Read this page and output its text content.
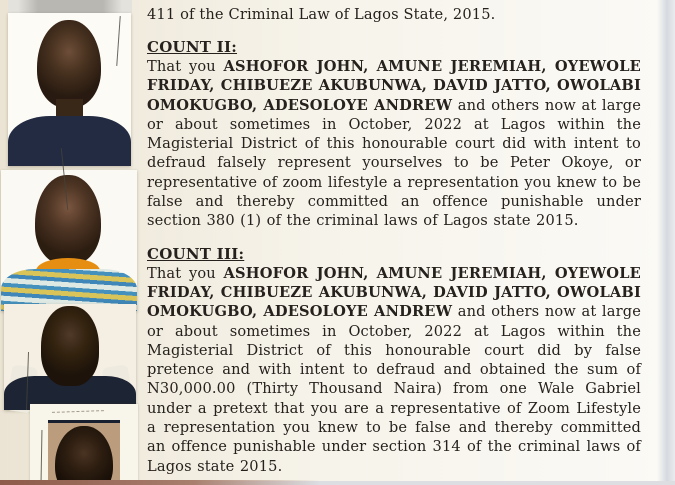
411 of the Criminal Law of Lagos State, 2015.

COUNT II:

That you ASHOFOR JOHN, AMUNE JEREMIAH, OYEWOLE FRIDAY, CHIBUEZE AKUBUNWA, DAVID JATTO, OWOLABI OMOKUGBO, ADESOLOYE ANDREW and others now at large or about sometimes in October, 2022 at Lagos within the Magisterial District of this honourable court did with intent to defraud falsely represent yourselves to be Peter Okoye, or representative of zoom lifestyle a representation you knew to be false and thereby committed an offence punishable under section 380 (1) of the criminal laws of Lagos state 2015.

COUNT III:

That you ASHOFOR JOHN, AMUNE JEREMIAH, OYEWOLE FRIDAY, CHIBUEZE AKUBUNWA, DAVID JATTO, OWOLABI OMOKUGBO, ADESOLOYE ANDREW and others now at large or about sometimes in October, 2022 at Lagos within the Magisterial District of this honourable court did by false pretence and with intent to defraud and obtained the sum of N30,000.00 (Thirty Thousand Naira) from one Wale Gabriel under a pretext that you are a representative of Zoom Lifestyle a representation you knew to be false and thereby committed an offence punishable under section 314 of the criminal laws of Lagos state 2015.
